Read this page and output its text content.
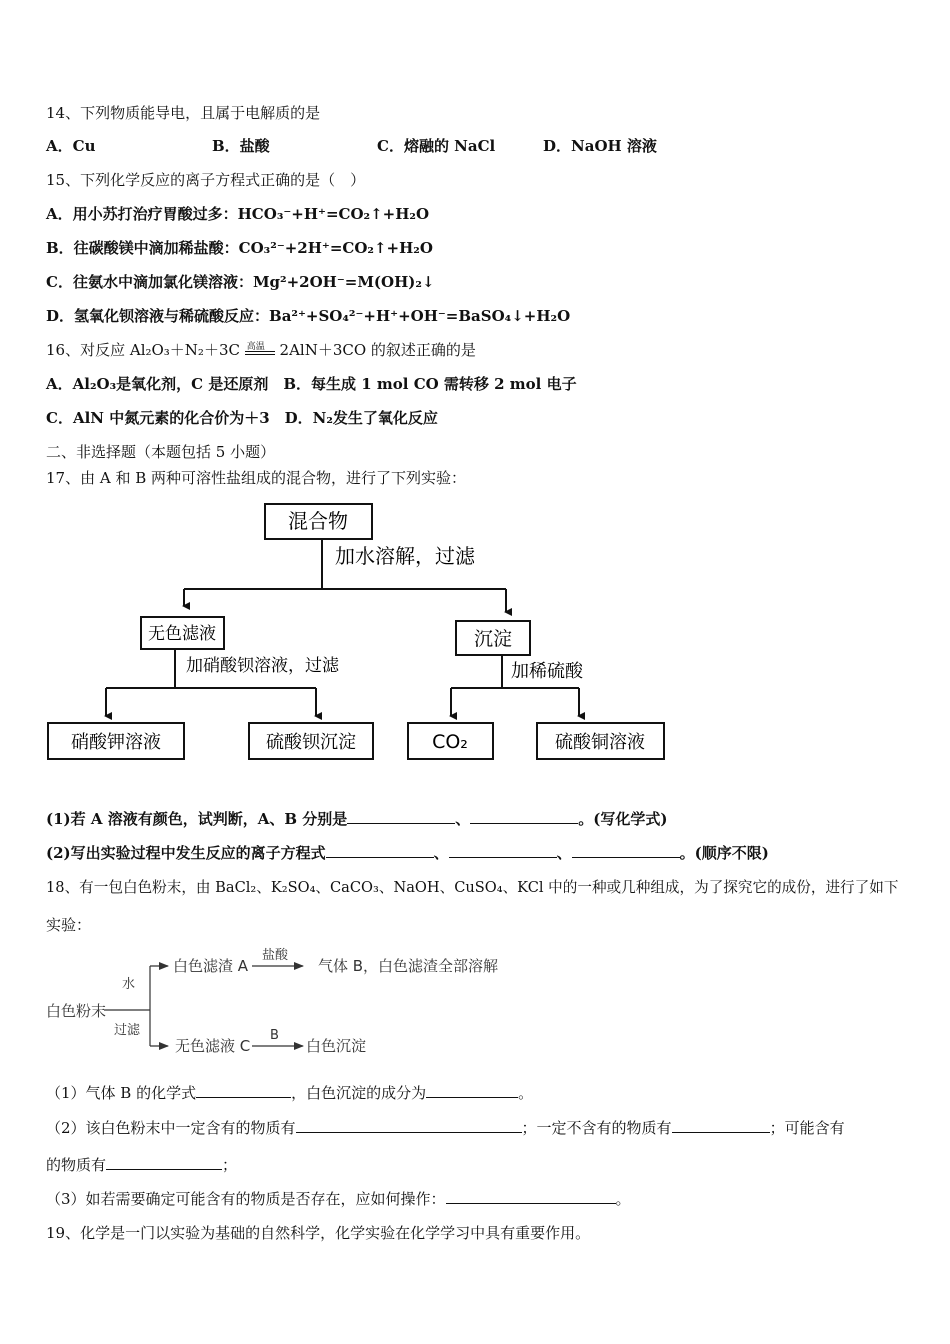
14、下列物质能导电，且属于电解质的是
A．Cu	B．盐酸	C．熔融的 NaCl	D．NaOH 溶液
15、下列化学反应的离子方程式正确的是（　）
A．用小苏打治疗胃酸过多：HCO₃⁻+H⁺=CO₂↑+H₂O
B．往碳酸镁中滴加稀盐酸：CO₃²⁻+2H⁺=CO₂↑+H₂O
C．往氨水中滴加氯化镁溶液：Mg²+2OH⁻=M(OH)₂↓
D．氢氧化钡溶液与稀硫酸反应：Ba²⁺+SO₄²⁻+H⁺+OH⁻=BaSO₄↓+H₂O
16、对反应 Al₂O₃＋N₂＋3C 高温 2AlN＋3CO 的叙述正确的是
A．Al₂O₃是氧化剂，C 是还原剂　B．每生成 1 mol CO 需转移 2 mol 电子
C．AlN 中氮元素的化合价为＋3　D．N₂发生了氧化反应
二、非选择题（本题包括 5 小题）
17、由 A 和 B 两种可溶性盐组成的混合物，进行了下列实验：
混合物
加水溶解，过滤
无色滤液	沉淀
加硝酸钡溶液，过滤	加稀硫酸
硝酸钾溶液	硫酸钡沉淀	CO₂	硫酸铜溶液
(1)若 A 溶液有颜色，试判断，A、B 分别是	、	。(写化学式)
(2)写出实验过程中发生反应的离子方程式	、	、	。(顺序不限)
18、有一包白色粉末，由 BaCl₂、K₂SO₄、CaCO₃、NaOH、CuSO₄、KCl 中的一种或几种组成，为了探究它的成份，进行了如下
实验：
白色粉末
水
过滤
白色滤渣 A
盐酸
气体 B，白色滤渣全部溶解
无色滤液 C
B
白色沉淀
（1）气体 B 的化学式	，白色沉淀的成分为	。
（2）该白色粉末中一定含有的物质有	；一定不含有的物质有	；可能含有
的物质有	；
（3）如若需要确定可能含有的物质是否存在，应如何操作：	。
19、化学是一门以实验为基础的自然科学，化学实验在化学学习中具有重要作用。
